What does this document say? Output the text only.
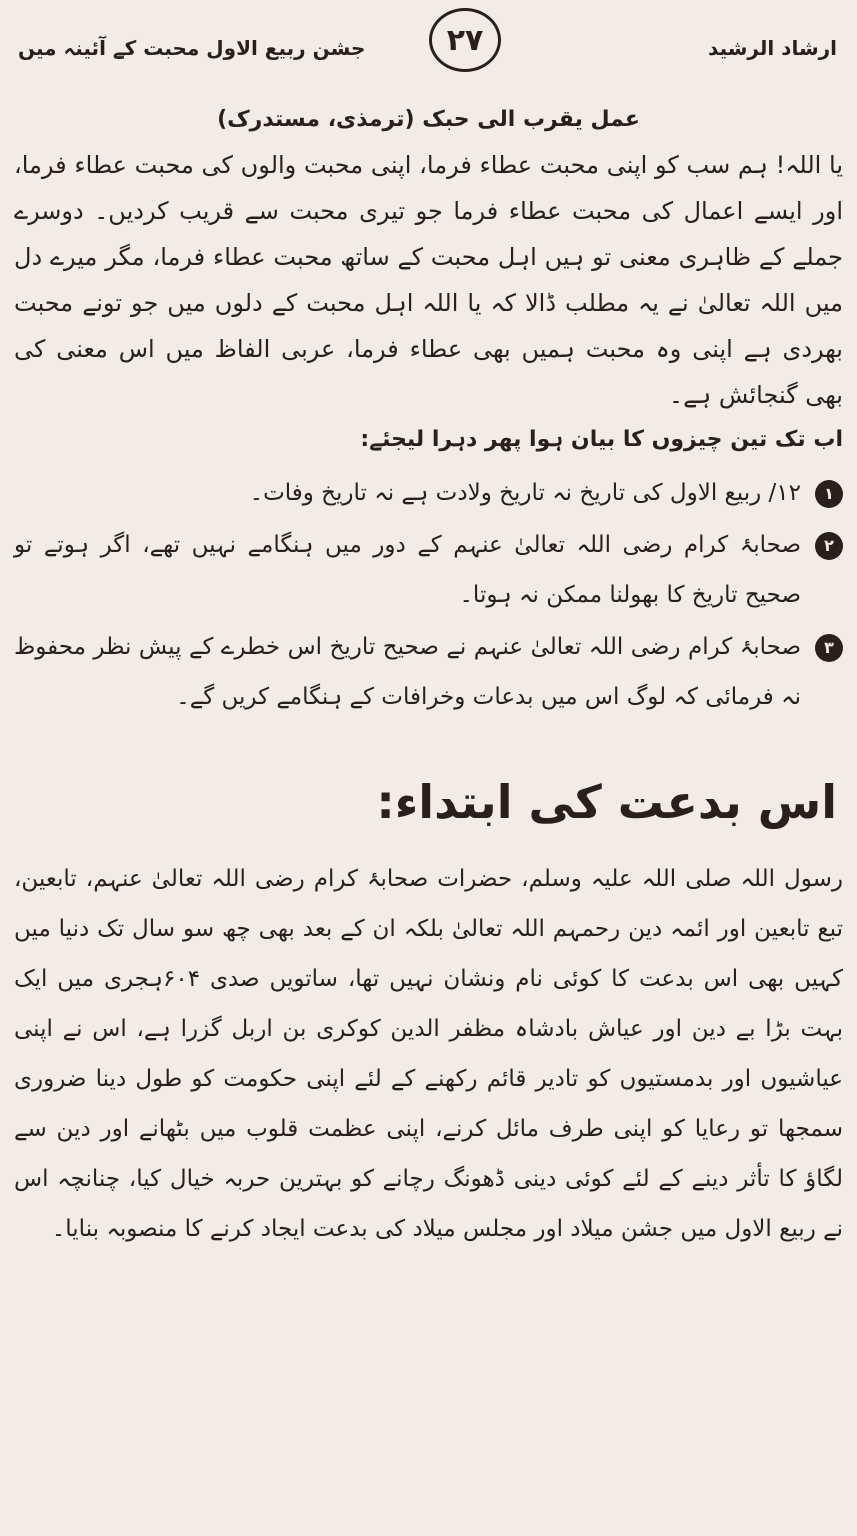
ارشاد الرشید
۲۷
جشن ربیع الاول محبت کے آئینہ میں
عمل یقرب الی حبک (ترمذی، مستدرک)

یا اللہ! ہم سب کو اپنی محبت عطاء فرما، اپنی محبت والوں کی محبت عطاء فرما، اور ایسے اعمال کی محبت عطاء فرما جو تیری محبت سے قریب کردیں۔ دوسرے جملے کے ظاہری معنی تو ہیں اہل محبت کے ساتھ محبت عطاء فرما، مگر میرے دل میں اللہ تعالیٰ نے یہ مطلب ڈالا کہ یا اللہ اہل محبت کے دلوں میں جو تونے محبت بھردی ہے اپنی وہ محبت ہمیں بھی عطاء فرما، عربی الفاظ میں اس معنی کی بھی گنجائش ہے۔

اب تک تین چیزوں کا بیان ہوا پھر دہرا لیجئے:

١
۱۲/ ربیع الاول کی تاریخ نہ تاریخ ولادت ہے نہ تاریخ وفات۔
٢
صحابۂ کرام رضی اللہ تعالیٰ عنہم کے دور میں ہنگامے نہیں تھے، اگر ہوتے تو صحیح تاریخ کا بھولنا ممکن نہ ہوتا۔
٣
صحابۂ کرام رضی اللہ تعالیٰ عنہم نے صحیح تاریخ اس خطرے کے پیش نظر محفوظ نہ فرمائی کہ لوگ اس میں بدعات وخرافات کے ہنگامے کریں گے۔
اس بدعت کی ابتداء:

رسول اللہ صلی اللہ علیہ وسلم، حضرات صحابۂ کرام رضی اللہ تعالیٰ عنہم، تابعین، تبع تابعین اور ائمہ دین رحمہم اللہ تعالیٰ بلکہ ان کے بعد بھی چھ سو سال تک دنیا میں کہیں بھی اس بدعت کا کوئی نام ونشان نہیں تھا، ساتویں صدی ۶۰۴ہجری میں ایک بہت بڑا بے دین اور عیاش بادشاہ مظفر الدین کوکری بن اربل گزرا ہے، اس نے اپنی عیاشیوں اور بدمستیوں کو تادیر قائم رکھنے کے لئے اپنی حکومت کو طول دینا ضروری سمجھا تو رعایا کو اپنی طرف مائل کرنے، اپنی عظمت قلوب میں بٹھانے اور دین سے لگاؤ کا تأثر دینے کے لئے کوئی دینی ڈھونگ رچانے کو بہترین حربہ خیال کیا، چنانچہ اس نے ربیع الاول میں جشن میلاد اور مجلس میلاد کی بدعت ایجاد کرنے کا منصوبہ بنایا۔
